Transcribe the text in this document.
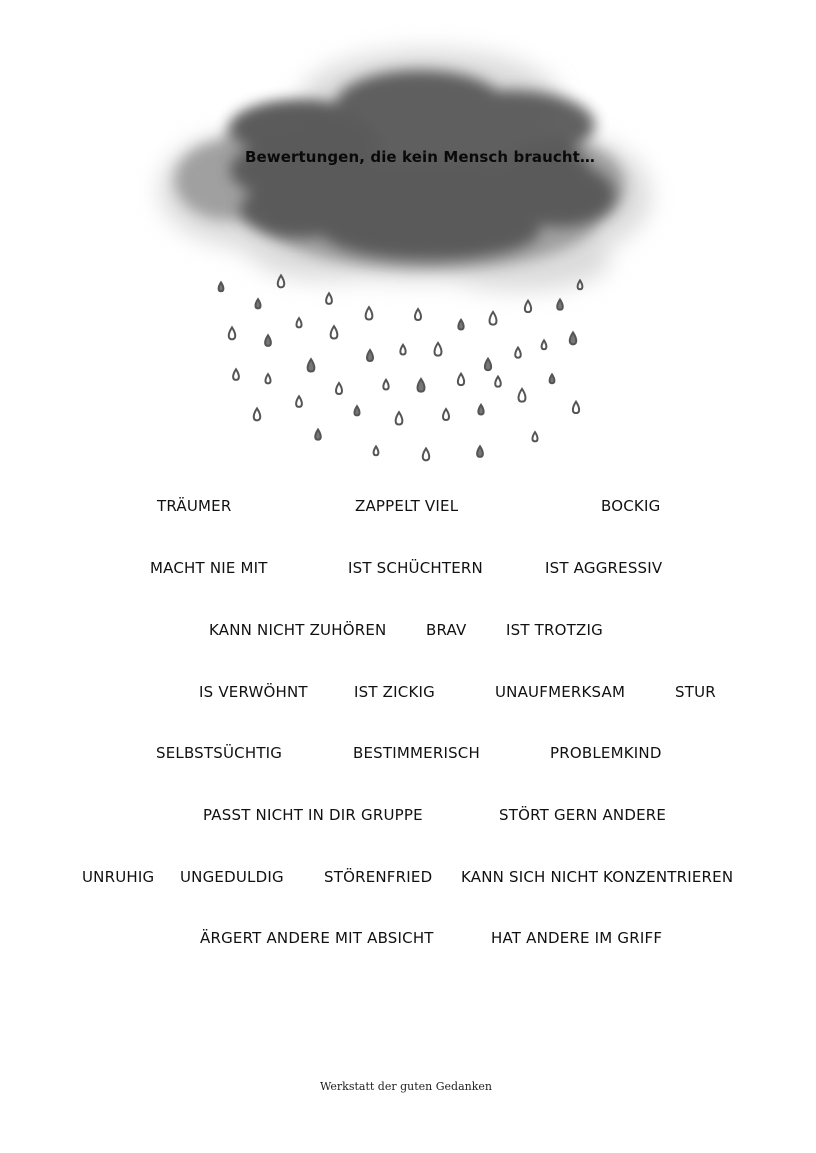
Bewertungen, die kein Mensch braucht…
TRÄUMER	ZAPPELT VIEL	BOCKIG
MACHT NIE MIT	IST SCHÜCHTERN	IST AGGRESSIV
KANN NICHT ZUHÖREN	BRAV	IST TROTZIG
IS VERWÖHNT	IST ZICKIG	UNAUFMERKSAM	STUR
SELBSTSÜCHTIG	BESTIMMERISCH	PROBLEMKIND
PASST NICHT IN DIR GRUPPE	STÖRT GERN ANDERE
UNRUHIG UNGEDULDIG	STÖRENFRIED KANN SICH NICHT KONZENTRIEREN
ÄRGERT ANDERE MIT ABSICHT	HAT ANDERE IM GRIFF
Werkstatt der guten Gedanken
